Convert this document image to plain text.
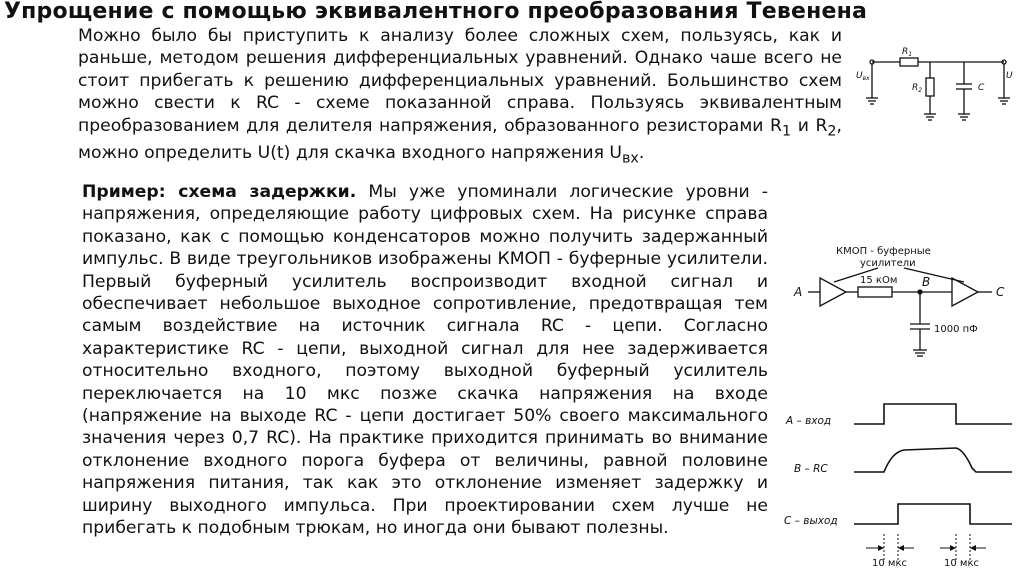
Упрощение с помощью эквивалентного преобразования Тевенена
Можно было бы приступить к анализу более сложных схем, пользуясь, как и раньше, методом решения дифференциальных уравнений. Однако чаше всего не стоит прибегать к решению дифференциальных уравнений. Большинство схем можно свести к RC - схеме показанной справа. Пользуясь эквивалентным преобразованием для делителя напряжения, образованного резисторами $R_1$ и $R_2$, можно определить U(t) для скачка входного напряжения $U_{вх}$.

Пример: схема задержки. Мы уже упоминали логические уровни - напряжения, определяющие работу цифровых схем. На рисунке справа показано, как с помощью конденсаторов можно получить задержанный импульс. В виде треугольников изображены КМОП - буферные усилители. Первый буферный усилитель воспроизводит входной сигнал и обеспечивает небольшое выходное сопротивление, предотвращая тем самым воздействие на источник сигнала RC - цепи. Согласно характеристике RC - цепи, выходной сигнал для нее задерживается относительно входного, поэтому выходной буферный усилитель переключается на 10 мкс позже скачка напряжения на входе (напряжение на выходе RC - цепи достигает 50% своего максимального значения через 0,7 RC). На практике приходится принимать во внимание отклонение входного порога буфера от величины, равной половине напряжения питания, так как это отклонение изменяет задержку и ширину выходного импульса. При проектировании схем лучше не прибегать к подобным трюкам, но иногда они бывают полезны.

$R_1$
$R_2$	C
$U_{вх}$	U
КМОП - буферные
усилители
A
B
C
15 кОм
1000 пФ
A – вход
B – RC
C – выход
10 мкс	10 мкс
